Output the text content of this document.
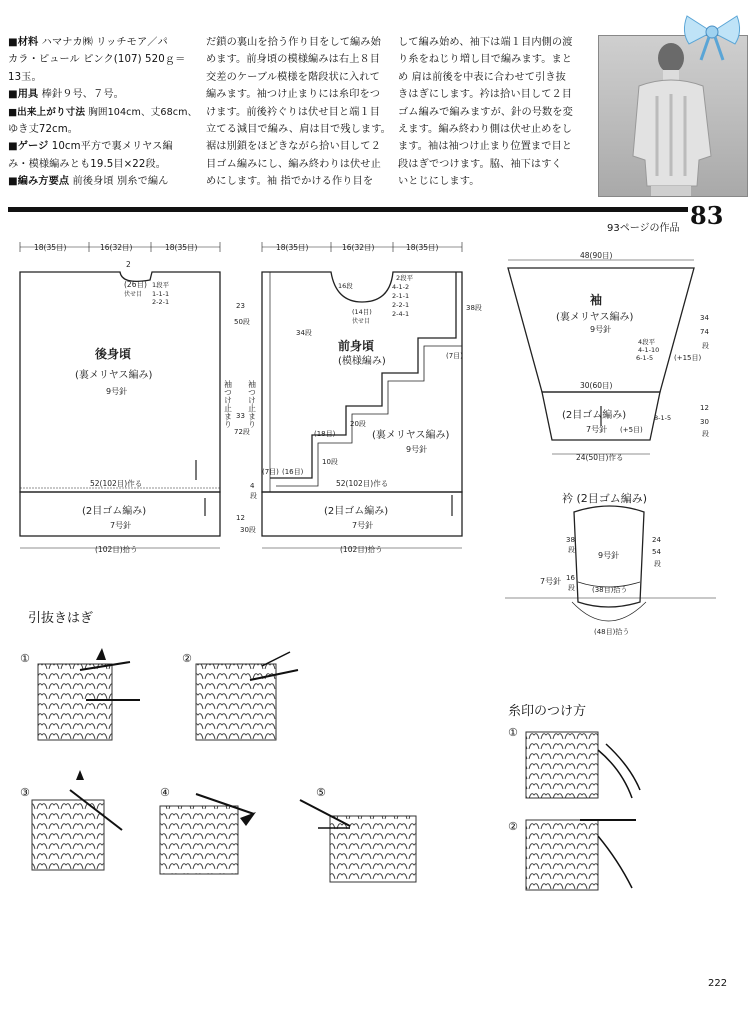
■材料 ハマナカ㈱ リッチモア／パ
カラ・ピュール ピンク(107) 520ｇ＝
13玉。
■用具 棒針９号、７号。
■出来上がり寸法 胸囲104cm、丈68cm、
ゆき丈72cm。
■ゲージ 10cm平方で裏メリヤス編
み・模様編みとも19.5目×22段。
■編み方要点 前後身頃 別糸で編ん
だ鎖の裏山を拾う作り目をして編み始
めます。前身頃の模様編みは右上８目
交差のケーブル模様を階段状に入れて
編みます。袖つけ止まりには糸印をつ
けます。前後衿ぐりは伏せ目と端１目
立てる減目で編み、肩は目で残します。
裾は別鎖をほどきながら拾い目して２
目ゴム編みにし、編み終わりは伏せ止
めにします。袖 指でかける作り目を
して編み始め、袖下は端１目内側の渡
り糸をねじり増し目で編みます。まと
め 肩は前後を中表に合わせて引き抜
きはぎにします。衿は拾い目して２目
ゴム編みで編みますが、針の号数を変
えます。編み終わり側は伏せ止めをし
ます。袖は袖つけ止まり位置まで目と
段はぎでつけます。脇、袖下はすく
いとじにします。
83
93ページの作品
18(35目)	16(32目)	18(35目)
2
(26目)
伏せ目
1段平
1-1-1
2-2-1
後身頃
(裏メリヤス編み)
9号針
52(102目)作る
(2目ゴム編み)
7号針
(102目)拾う
袖つけ止まり
18(35目)	16(32目)	18(35目)
2段平
4-1-2
2-1-1
2-2-1
2-4-1
(14目)
伏せ目
16段
34段
38段
前身頃
(模様編み)
(裏メリヤス編み)
9号針
(7目)
(18目)
(16目)
(7目)
52(102目)作る
(2目ゴム編み)
7号針
(102目)拾う
袖つけ止まり
23
50段
33
72段
4
段
12
30段
20段
10段
48(90目)
袖
(裏メリヤス編み)
9号針
4段平
4-1-10
6-1-5	(+15目)
30(60目)
(2目ゴム編み)
7号針 (+5目)
8-1-5
24(50目)作る
34
74
段
12
30
段
衿 (2目ゴム編み)
9号針
7号針
(38目)拾う
(48目)拾う
38
段
24
54
段
16
段
引抜きはぎ
糸印のつけ方
①	②
③	④	⑤
①
②
222
